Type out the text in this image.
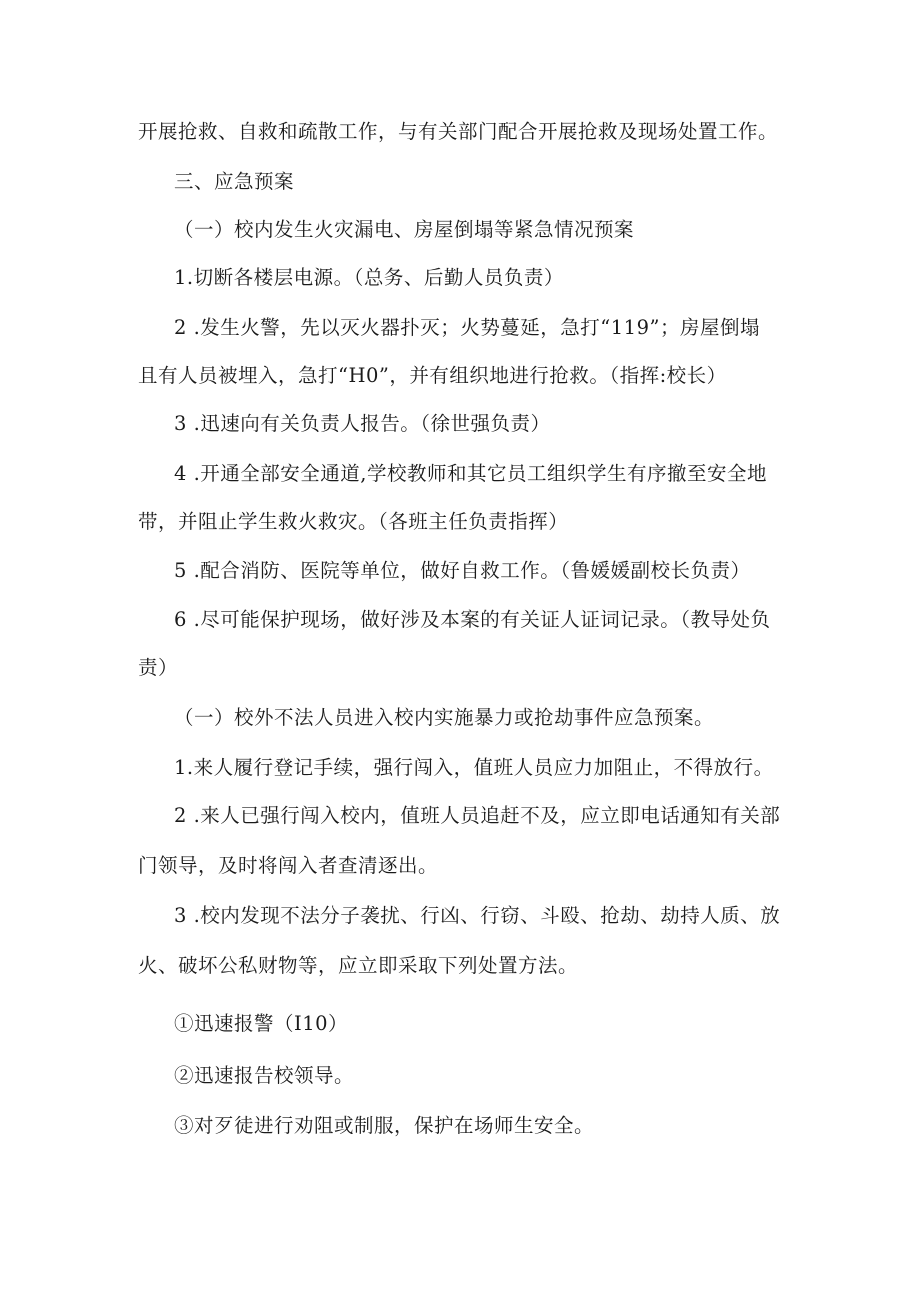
开展抢救、自救和疏散工作，与有关部门配合开展抢救及现场处置工作。
三、应急预案
（一）校内发生火灾漏电、房屋倒塌等紧急情况预案
1.切断各楼层电源。（总务、后勤人员负责）
2 .发生火警，先以灭火器扑灭；火势蔓延，急打“119”；房屋倒塌
且有人员被埋入，急打“H0”，并有组织地进行抢救。（指挥:校长）
3 .迅速向有关负责人报告。（徐世强负责）
4 .开通全部安全通道,学校教师和其它员工组织学生有序撤至安全地
带，并阻止学生救火救灾。（各班主任负责指挥）
5 .配合消防、医院等单位，做好自救工作。（鲁媛媛副校长负责）
6 .尽可能保护现场，做好涉及本案的有关证人证词记录。（教导处负
责）
（一）校外不法人员进入校内实施暴力或抢劫事件应急预案。
1.来人履行登记手续，强行闯入，值班人员应力加阻止，不得放行。
2 .来人已强行闯入校内，值班人员追赶不及，应立即电话通知有关部
门领导，及时将闯入者查清逐出。
3 .校内发现不法分子袭扰、行凶、行窃、斗殴、抢劫、劫持人质、放
火、破坏公私财物等，应立即采取下列处置方法。
①迅速报警（I10）
②迅速报告校领导。
③对歹徒进行劝阻或制服，保护在场师生安全。
